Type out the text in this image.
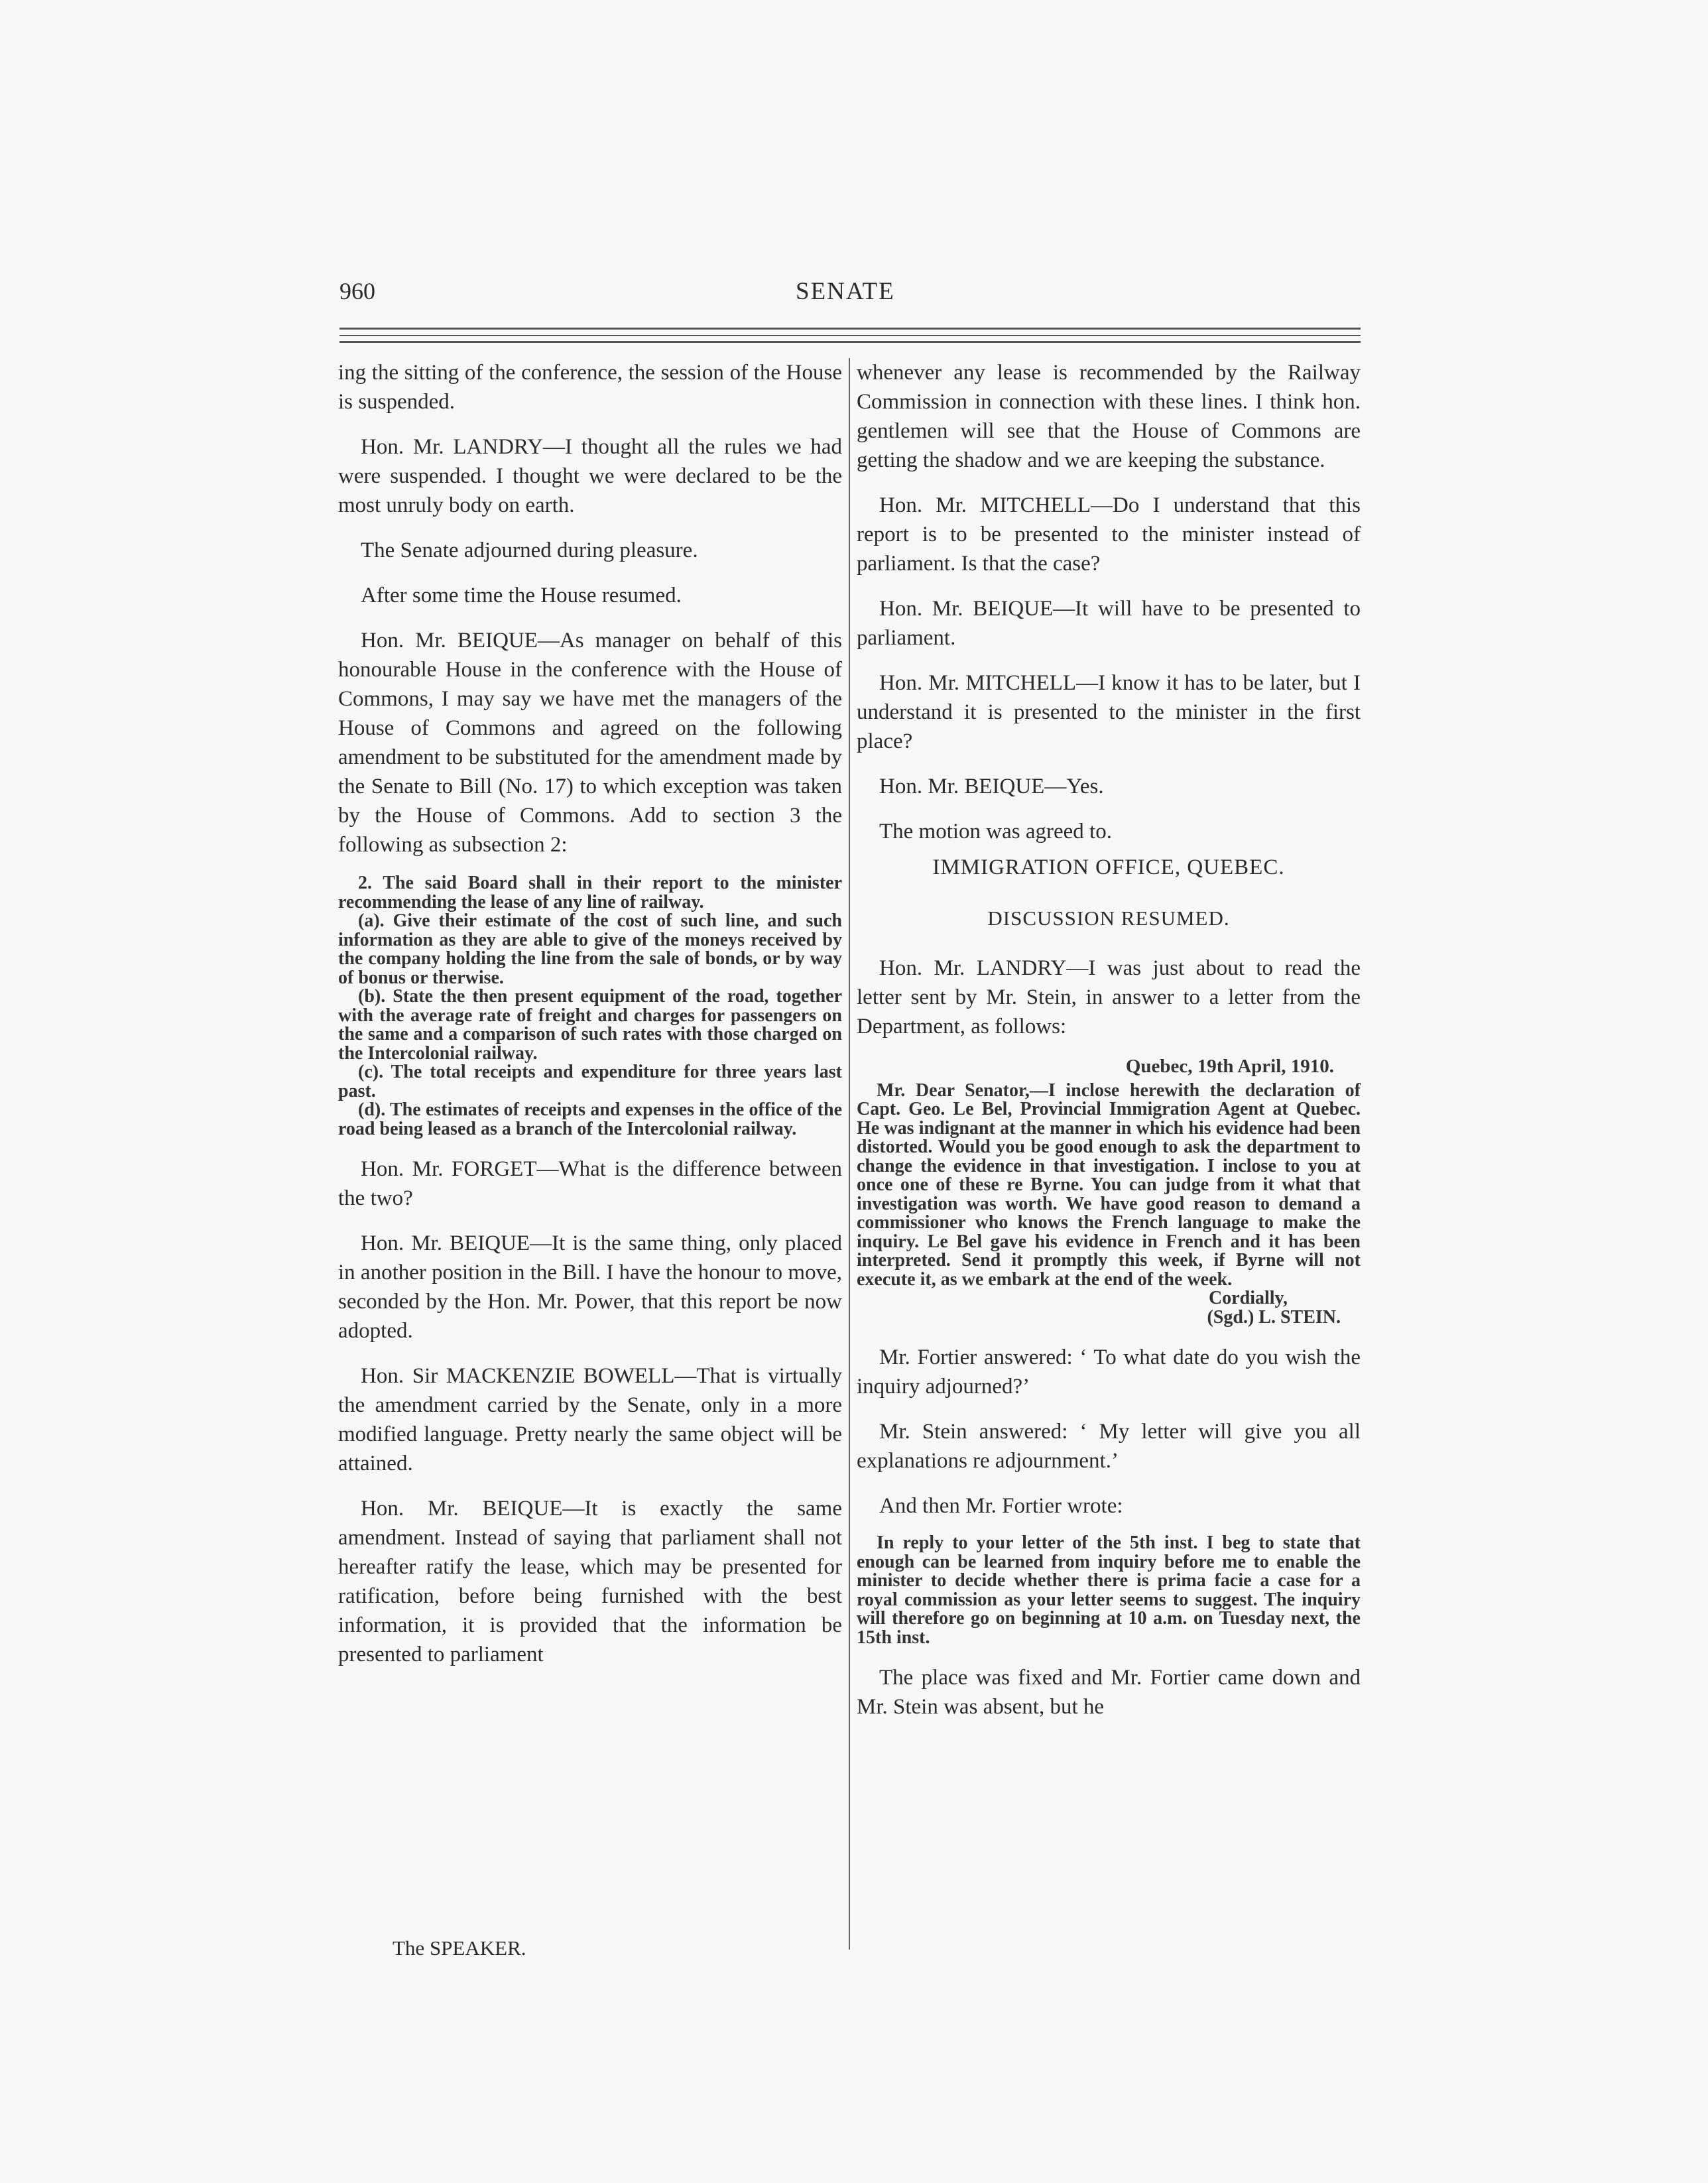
960	SENATE

ing the sitting of the conference, the session of the House is suspended.

Hon. Mr. LANDRY—I thought all the rules we had were suspended. I thought we were declared to be the most unruly body on earth.

The Senate adjourned during pleasure.

After some time the House resumed.

Hon. Mr. BEIQUE—As manager on behalf of this honourable House in the conference with the House of Commons, I may say we have met the managers of the House of Commons and agreed on the following amendment to be substituted for the amendment made by the Senate to Bill (No. 17) to which exception was taken by the House of Commons. Add to section 3 the following as subsection 2:

2. The said Board shall in their report to the minister recommending the lease of any line of railway.

(a). Give their estimate of the cost of such line, and such information as they are able to give of the moneys received by the company holding the line from the sale of bonds, or by way of bonus or therwise.

(b). State the then present equipment of the road, together with the average rate of freight and charges for passengers on the same and a comparison of such rates with those charged on the Intercolonial railway.

(c). The total receipts and expenditure for three years last past.

(d). The estimates of receipts and expenses in the office of the road being leased as a branch of the Intercolonial railway.

Hon. Mr. FORGET—What is the difference between the two?

Hon. Mr. BEIQUE—It is the same thing, only placed in another position in the Bill. I have the honour to move, seconded by the Hon. Mr. Power, that this report be now adopted.

Hon. Sir MACKENZIE BOWELL—That is virtually the amendment carried by the Senate, only in a more modified language. Pretty nearly the same object will be attained.

Hon. Mr. BEIQUE—It is exactly the same amendment. Instead of saying that parliament shall not hereafter ratify the lease, which may be presented for ratification, before being furnished with the best information, it is provided that the information be presented to parliament

whenever any lease is recommended by the Railway Commission in connection with these lines. I think hon. gentlemen will see that the House of Commons are getting the shadow and we are keeping the substance.

Hon. Mr. MITCHELL—Do I understand that this report is to be presented to the minister instead of parliament. Is that the case?

Hon. Mr. BEIQUE—It will have to be presented to parliament.

Hon. Mr. MITCHELL—I know it has to be later, but I understand it is presented to the minister in the first place?

Hon. Mr. BEIQUE—Yes.

The motion was agreed to.

IMMIGRATION OFFICE, QUEBEC.

DISCUSSION RESUMED.

Hon. Mr. LANDRY—I was just about to read the letter sent by Mr. Stein, in answer to a letter from the Department, as follows:

Quebec, 19th April, 1910.

Mr. Dear Senator,—I inclose herewith the declaration of Capt. Geo. Le Bel, Provincial Immigration Agent at Quebec. He was indignant at the manner in which his evidence had been distorted. Would you be good enough to ask the department to change the evidence in that investigation. I inclose to you at once one of these re Byrne. You can judge from it what that investigation was worth. We have good reason to demand a commissioner who knows the French language to make the inquiry. Le Bel gave his evidence in French and it has been interpreted. Send it promptly this week, if Byrne will not execute it, as we embark at the end of the week.

Cordially,

(Sgd.) L. STEIN.

Mr. Fortier answered: ‘ To what date do you wish the inquiry adjourned?’

Mr. Stein answered: ‘ My letter will give you all explanations re adjournment.’

And then Mr. Fortier wrote:

In reply to your letter of the 5th inst. I beg to state that enough can be learned from inquiry before me to enable the minister to decide whether there is prima facie a case for a royal commission as your letter seems to suggest. The inquiry will therefore go on beginning at 10 a.m. on Tuesday next, the 15th inst.

The place was fixed and Mr. Fortier came down and Mr. Stein was absent, but he

The SPEAKER.
